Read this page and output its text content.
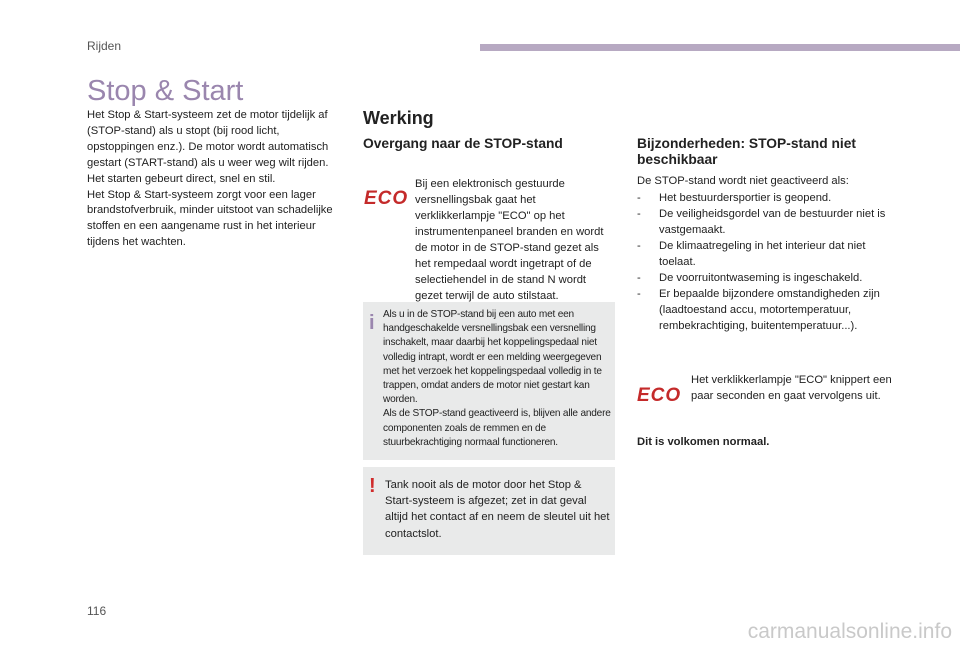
Rijden
Stop & Start
Het Stop & Start-systeem zet de motor tijdelijk af (STOP-stand) als u stopt (bij rood licht, opstoppingen enz.). De motor wordt automatisch gestart (START-stand) als u weer weg wilt rijden. Het starten gebeurt direct, snel en stil.
Het Stop & Start-systeem zorgt voor een lager brandstofverbruik, minder uitstoot van schadelijke stoffen en een aangename rust in het interieur tijdens het wachten.
Werking
Overgang naar de STOP-stand
ECO

Bij een elektronisch gestuurde versnellingsbak gaat het verklikkerlampje "ECO" op het instrumentenpaneel branden en wordt de motor in de STOP-stand gezet als het rempedaal wordt ingetrapt of de selectiehendel in de stand N wordt gezet terwijl de auto stilstaat.

i Als u in de STOP-stand bij een auto met een handgeschakelde versnellingsbak een versnelling inschakelt, maar daarbij het koppelingspedaal niet volledig intrapt, wordt er een melding weergegeven met het verzoek het koppelingspedaal volledig in te trappen, omdat anders de motor niet gestart kan worden.
Als de STOP-stand geactiveerd is, blijven alle andere componenten zoals de remmen en de stuurbekrachtiging normaal functioneren.
! Tank nooit als de motor door het Stop & Start-systeem is afgezet; zet in dat geval altijd het contact af en neem de sleutel uit het contactslot.

Bijzonderheden: STOP-stand niet beschikbaar

De STOP-stand wordt niet geactiveerd als:

- Het bestuurdersportier is geopend.
- De veiligheidsgordel van de bestuurder niet is vastgemaakt.
- De klimaatregeling in het interieur dat niet toelaat.
- De voorruitontwaseming is ingeschakeld.
- Er bepaalde bijzondere omstandigheden zijn (laadtoestand accu, motortemperatuur, rembekrachtiging, buitentemperatuur...).
ECO

Het verklikkerlampje "ECO" knippert een paar seconden en gaat vervolgens uit.

Dit is volkomen normaal.

116
carmanualsonline.info
